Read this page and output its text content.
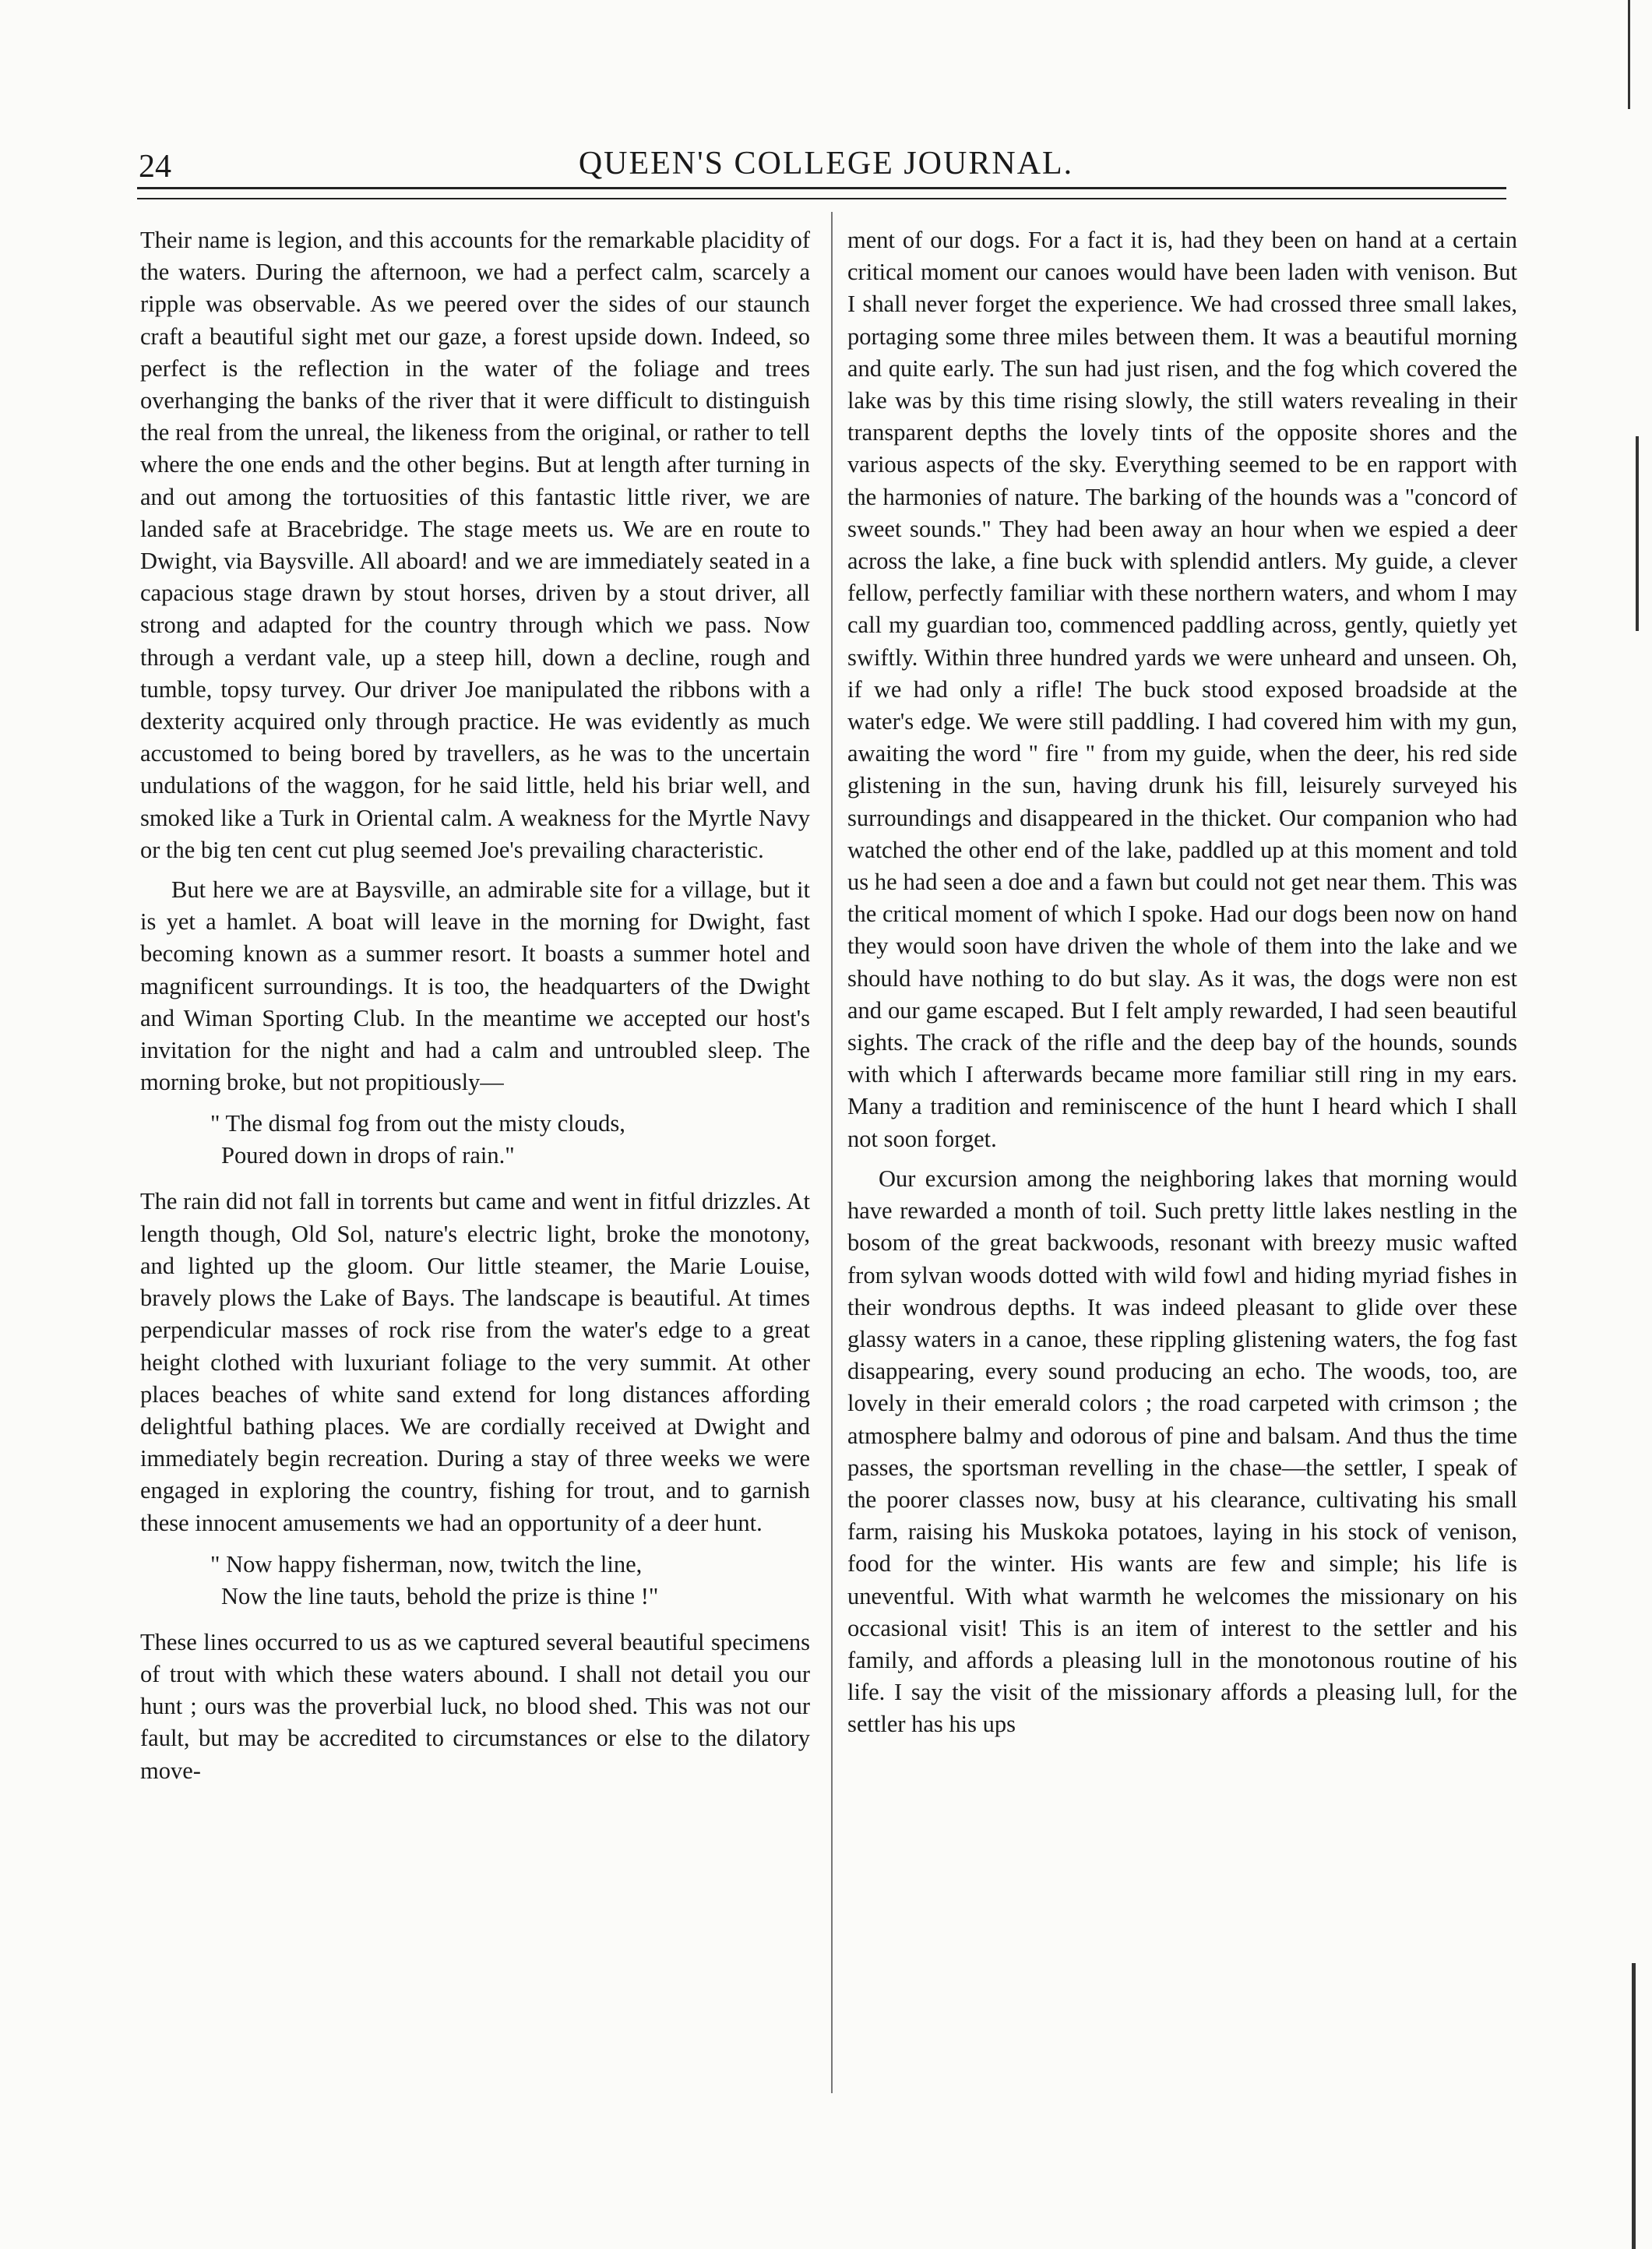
24	QUEEN'S COLLEGE JOURNAL.

Their name is legion, and this accounts for the remarkable placidity of the waters. During the afternoon, we had a perfect calm, scarcely a ripple was observable. As we peered over the sides of our staunch craft a beautiful sight met our gaze, a forest upside down. Indeed, so perfect is the reflection in the water of the foliage and trees overhanging the banks of the river that it were difficult to distinguish the real from the unreal, the likeness from the original, or rather to tell where the one ends and the other begins. But at length after turning in and out among the tortuosities of this fantastic little river, we are landed safe at Bracebridge. The stage meets us. We are en route to Dwight, via Baysville. All aboard! and we are immediately seated in a capacious stage drawn by stout horses, driven by a stout driver, all strong and adapted for the country through which we pass. Now through a verdant vale, up a steep hill, down a decline, rough and tumble, topsy turvey. Our driver Joe manipulated the ribbons with a dexterity acquired only through practice. He was evidently as much accustomed to being bored by travellers, as he was to the uncertain undulations of the waggon, for he said little, held his briar well, and smoked like a Turk in Oriental calm. A weakness for the Myrtle Navy or the big ten cent cut plug seemed Joe's prevailing characteristic.

But here we are at Baysville, an admirable site for a village, but it is yet a hamlet. A boat will leave in the morning for Dwight, fast becoming known as a summer resort. It boasts a summer hotel and magnificent surroundings. It is too, the headquarters of the Dwight and Wiman Sporting Club. In the meantime we accepted our host's invitation for the night and had a calm and untroubled sleep. The morning broke, but not propitiously—

" The dismal fog from out the misty clouds,
Poured down in drops of rain."

The rain did not fall in torrents but came and went in fitful drizzles. At length though, Old Sol, nature's electric light, broke the monotony, and lighted up the gloom. Our little steamer, the Marie Louise, bravely plows the Lake of Bays. The landscape is beautiful. At times perpendicular masses of rock rise from the water's edge to a great height clothed with luxuriant foliage to the very summit. At other places beaches of white sand extend for long distances affording delightful bathing places. We are cordially received at Dwight and immediately begin recreation. During a stay of three weeks we were engaged in exploring the country, fishing for trout, and to garnish these innocent amusements we had an opportunity of a deer hunt.

" Now happy fisherman, now, twitch the line,
Now the line tauts, behold the prize is thine !"

These lines occurred to us as we captured several beautiful specimens of trout with which these waters abound. I shall not detail you our hunt ; ours was the proverbial luck, no blood shed. This was not our fault, but may be accredited to circumstances or else to the dilatory move-

ment of our dogs. For a fact it is, had they been on hand at a certain critical moment our canoes would have been laden with venison. But I shall never forget the experience. We had crossed three small lakes, portaging some three miles between them. It was a beautiful morning and quite early. The sun had just risen, and the fog which covered the lake was by this time rising slowly, the still waters revealing in their transparent depths the lovely tints of the opposite shores and the various aspects of the sky. Everything seemed to be en rapport with the harmonies of nature. The barking of the hounds was a "concord of sweet sounds." They had been away an hour when we espied a deer across the lake, a fine buck with splendid antlers. My guide, a clever fellow, perfectly familiar with these northern waters, and whom I may call my guardian too, commenced paddling across, gently, quietly yet swiftly. Within three hundred yards we were unheard and unseen. Oh, if we had only a rifle! The buck stood exposed broadside at the water's edge. We were still paddling. I had covered him with my gun, awaiting the word " fire " from my guide, when the deer, his red side glistening in the sun, having drunk his fill, leisurely surveyed his surroundings and disappeared in the thicket. Our companion who had watched the other end of the lake, paddled up at this moment and told us he had seen a doe and a fawn but could not get near them. This was the critical moment of which I spoke. Had our dogs been now on hand they would soon have driven the whole of them into the lake and we should have nothing to do but slay. As it was, the dogs were non est and our game escaped. But I felt amply rewarded, I had seen beautiful sights. The crack of the rifle and the deep bay of the hounds, sounds with which I afterwards became more familiar still ring in my ears. Many a tradition and reminiscence of the hunt I heard which I shall not soon forget.

Our excursion among the neighboring lakes that morning would have rewarded a month of toil. Such pretty little lakes nestling in the bosom of the great backwoods, resonant with breezy music wafted from sylvan woods dotted with wild fowl and hiding myriad fishes in their wondrous depths. It was indeed pleasant to glide over these glassy waters in a canoe, these rippling glistening waters, the fog fast disappearing, every sound producing an echo. The woods, too, are lovely in their emerald colors ; the road carpeted with crimson ; the atmosphere balmy and odorous of pine and balsam. And thus the time passes, the sportsman revelling in the chase—the settler, I speak of the poorer classes now, busy at his clearance, cultivating his small farm, raising his Muskoka potatoes, laying in his stock of venison, food for the winter. His wants are few and simple; his life is uneventful. With what warmth he welcomes the missionary on his occasional visit! This is an item of interest to the settler and his family, and affords a pleasing lull in the monotonous routine of his life. I say the visit of the missionary affords a pleasing lull, for the settler has his ups
